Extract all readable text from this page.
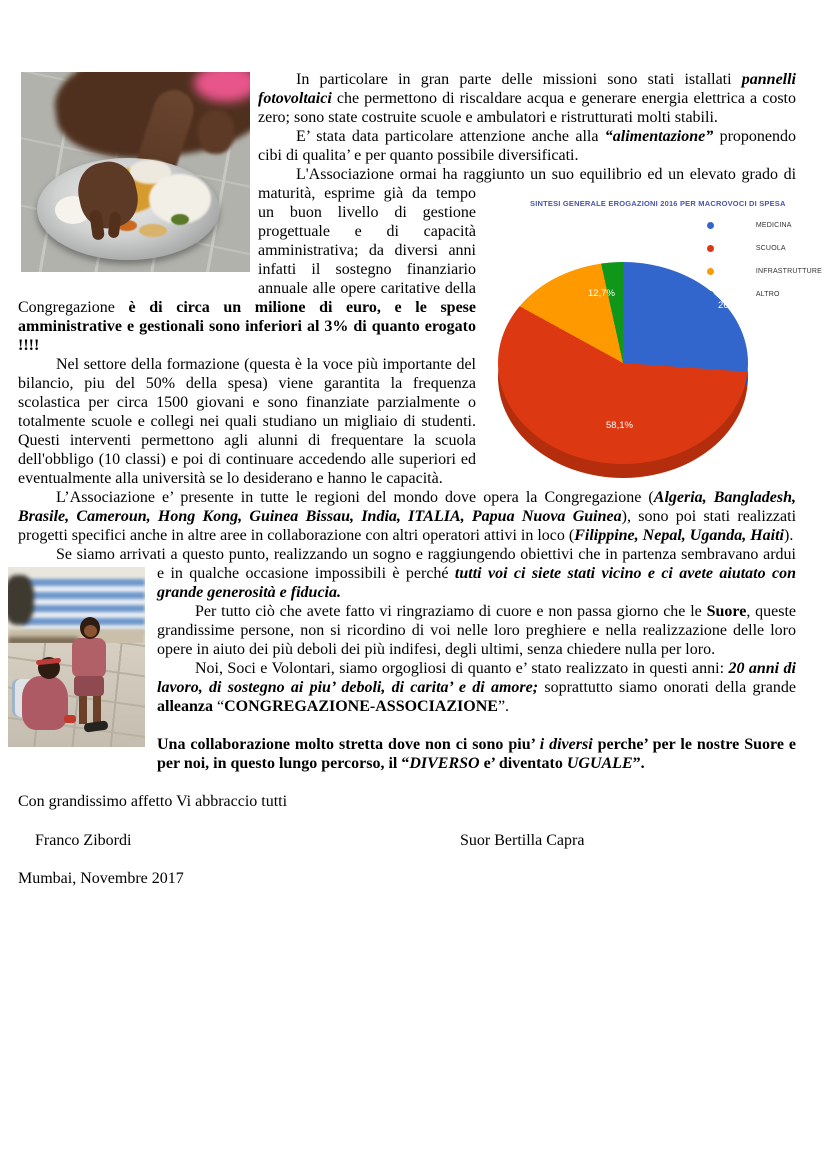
In particolare in gran parte delle missioni sono stati istallati pannelli fotovoltaici che permettono di riscaldare acqua e generare energia elettrica a costo zero; sono state costruite scuole e ambulatori e ristrutturati molti stabili.

E’ stata data particolare attenzione anche alla “alimentazione” proponendo cibi di qualita’ e per quanto possibile diversificati.

L'Associazione ormai ha raggiunto un suo equilibrio ed un elevato
SINTESI GENERALE EROGAZIONI 2016 PER MACROVOCI DI SPESA
MEDICINA
SCUOLA
INFRASTRUTTURE
ALTRO
26,4%
58,1%
12,7%
grado di maturità, esprime già da tempo un buon livello di gestione progettuale e di capacità amministrativa; da diversi anni infatti il sostegno finanziario annuale alle opere caritative della Congregazione è di circa un milione di euro, e le spese amministrative e gestionali sono inferiori al 3% di quanto erogato !!!!

Nel settore della formazione (questa è la voce più importante del bilancio, piu del 50% della spesa) viene garantita la frequenza scolastica per circa 1500 giovani e sono finanziate parzialmente o totalmente scuole e collegi nei quali studiano un migliaio di studenti. Questi interventi permettono agli alunni di frequentare la scuola dell'obbligo (10 classi) e poi di continuare accedendo alle superiori ed eventualmente alla università se lo desiderano e hanno le capacità.

L’Associazione e’ presente in tutte le regioni del mondo dove opera la Congregazione (Algeria, Bangladesh, Brasile, Cameroun, Hong Kong, Guinea Bissau, India, ITALIA, Papua Nuova Guinea), sono poi stati realizzati progetti specifici anche in altre aree in collaborazione con altri operatori attivi in loco (Filippine, Nepal, Uganda, Haiti).

Se siamo arrivati a questo punto, realizzando un sogno e raggiungendo obiettivi che in partenza sembravano ardui e in qualche occasione impossibili è perché tutti voi ci siete stati vicino e ci avete aiutato
con grande generosità e fiducia.

Per tutto ciò che avete fatto vi ringraziamo di cuore e non passa giorno che le Suore, queste grandissime persone, non si ricordino di voi nelle loro preghiere e nella realizzazione delle loro opere in aiuto dei più deboli dei più indifesi, degli ultimi, senza chiedere nulla per loro.

Noi, Soci e Volontari, siamo orgogliosi di quanto e’ stato realizzato in questi anni: 20 anni di lavoro, di sostegno ai piu’ deboli, di carita’ e di amore; soprattutto siamo onorati della grande alleanza “CONGREGAZIONE-ASSOCIAZIONE”.

Una collaborazione molto stretta dove non ci sono piu’ i diversi perche’ per le nostre Suore e per noi, in questo lungo percorso, il “DIVERSO e’ diventato UGUALE”.

Con grandissimo affetto Vi abbraccio tutti

Franco Zibordi	Suor Bertilla Capra

Mumbai, Novembre 2017
